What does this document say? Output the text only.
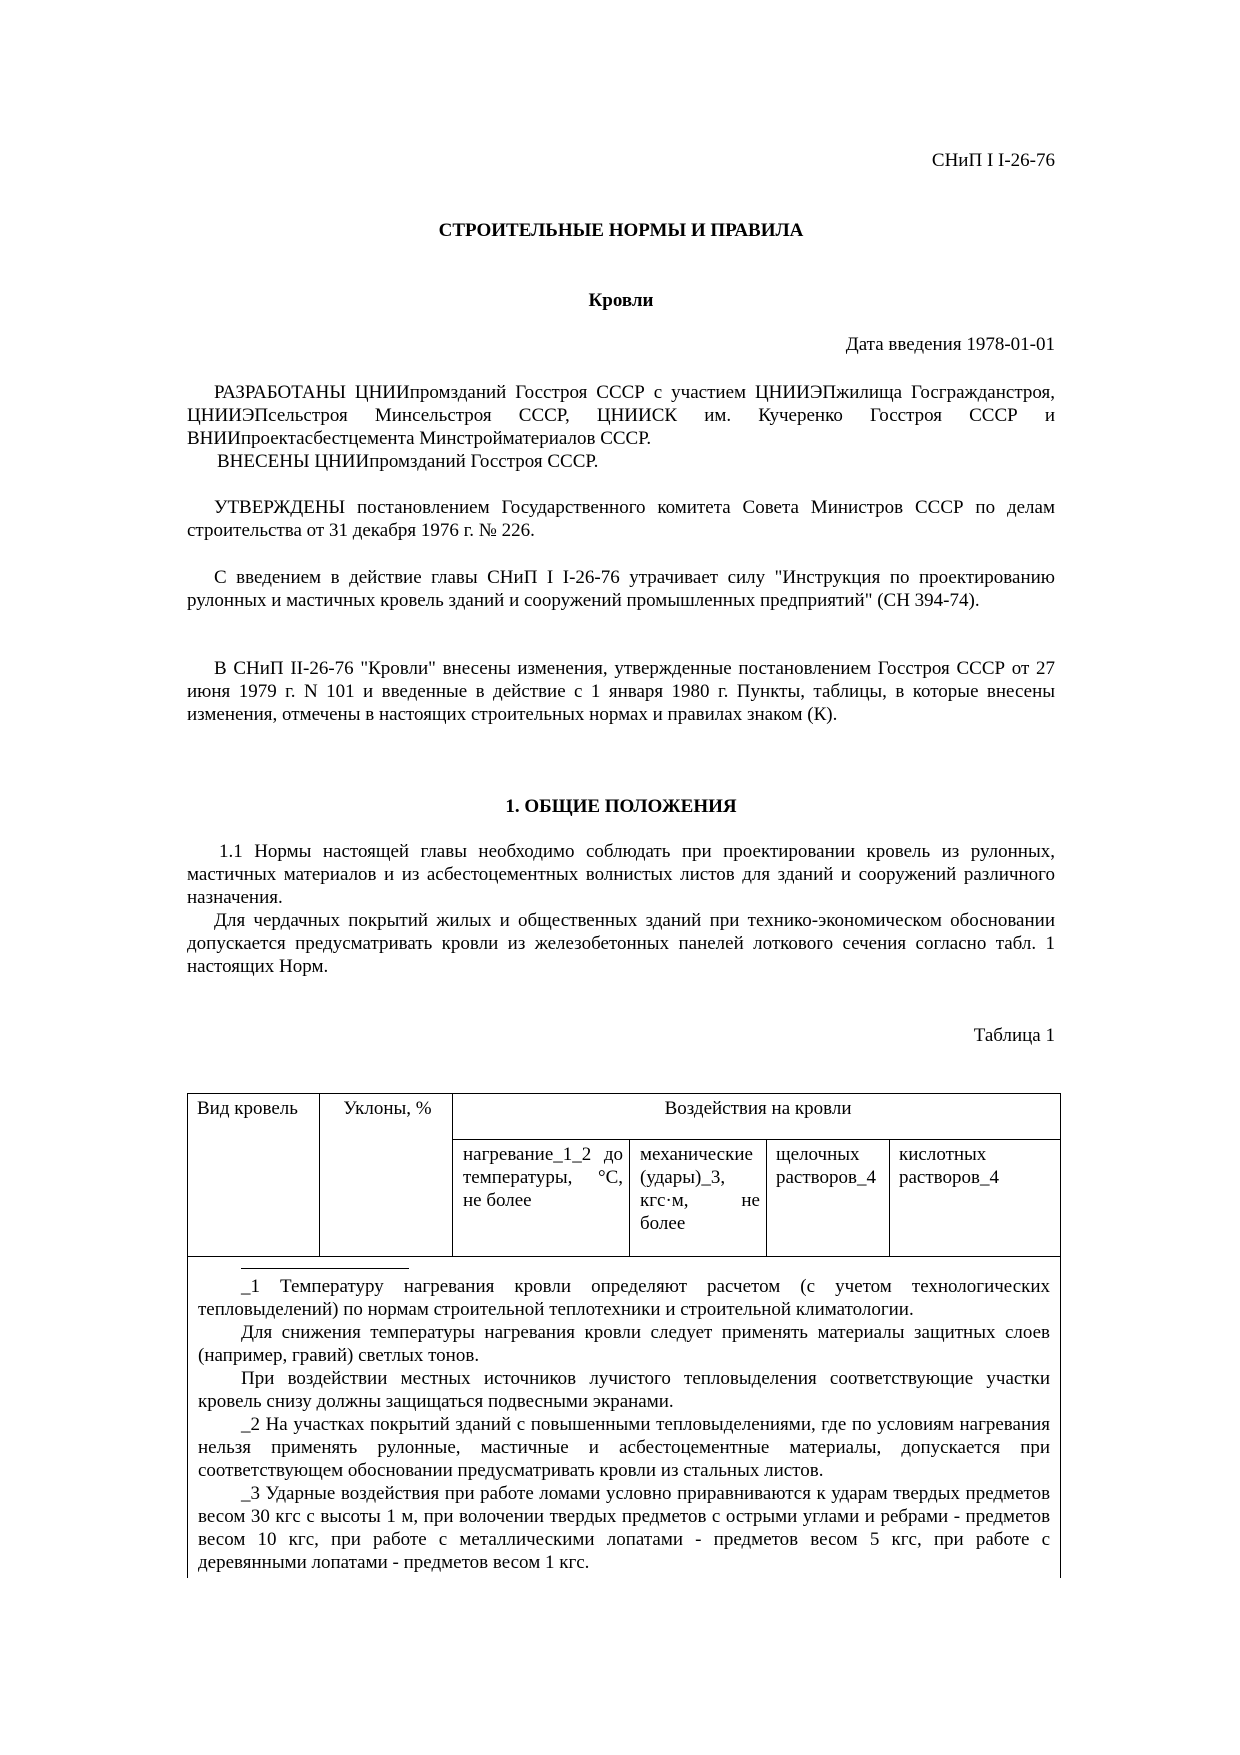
СНиП I I-26-76
СТРОИТЕЛЬНЫЕ НОРМЫ И ПРАВИЛА
Кровли
Дата введения 1978-01-01
РАЗРАБОТАНЫ ЦНИИпромзданий Госстроя СССР с участием ЦНИИЭПжилища Госгражданстроя, ЦНИИЭПсельстроя Минсельстроя СССР, ЦНИИСК им. Кучеренко Госстроя СССР и ВНИИпроектасбестцемента Минстройматериалов СССР.
ВНЕСЕНЫ ЦНИИпромзданий Госстроя СССР.
УТВЕРЖДЕНЫ постановлением Государственного комитета Совета Министров СССР по делам строительства от 31 декабря 1976 г. № 226.
С введением в действие главы СНиП I I-26-76 утрачивает силу "Инструкция по проектированию рулонных и мастичных кровель зданий и сооружений промышленных предприятий" (СН 394-74).
В СНиП II-26-76 "Кровли" внесены изменения, утвержденные постановлением Госстроя СССР от 27 июня 1979 г. N 101 и введенные в действие с 1 января 1980 г. Пункты, таблицы, в которые внесены изменения, отмечены в настоящих строительных нормах и правилах знаком (К).
1. ОБЩИЕ ПОЛОЖЕНИЯ
1.1 Нормы настоящей главы необходимо соблюдать при проектировании кровель из рулонных, мастичных материалов и из асбестоцементных волнистых листов для зданий и сооружений различного назначения.
Для чердачных покрытий жилых и общественных зданий при технико-экономическом обосновании допускается предусматривать кровли из железобетонных панелей лоткового сечения согласно табл. 1 настоящих Норм.
Таблица 1
Вид кровель	Уклоны, %	Воздействия на кровли			
		нагревание_1_2 до температуры, °С, не более	механические (удары)_3, кгс·м, не более	щелочных растворов_4	кислотных растворов_4

_1 Температуру нагревания кровли определяют расчетом (с учетом технологических тепловыделений) по нормам строительной теплотехники и строительной климатологии.

Для снижения температуры нагревания кровли следует применять материалы защитных слоев (например, гравий) светлых тонов.

При воздействии местных источников лучистого тепловыделения соответствующие участки кровель снизу должны защищаться подвесными экранами.

_2 На участках покрытий зданий с повышенными тепловыделениями, где по условиям нагревания нельзя применять рулонные, мастичные и асбестоцементные материалы, допускается при соответствующем обосновании предусматривать кровли из стальных листов.

_3 Ударные воздействия при работе ломами условно приравниваются к ударам твердых предметов весом 30 кгс с высоты 1 м, при волочении твердых предметов с острыми углами и ребрами - предметов весом 10 кгс, при работе с металлическими лопатами - предметов весом 5 кгс, при работе с деревянными лопатами - предметов весом 1 кгс.					
